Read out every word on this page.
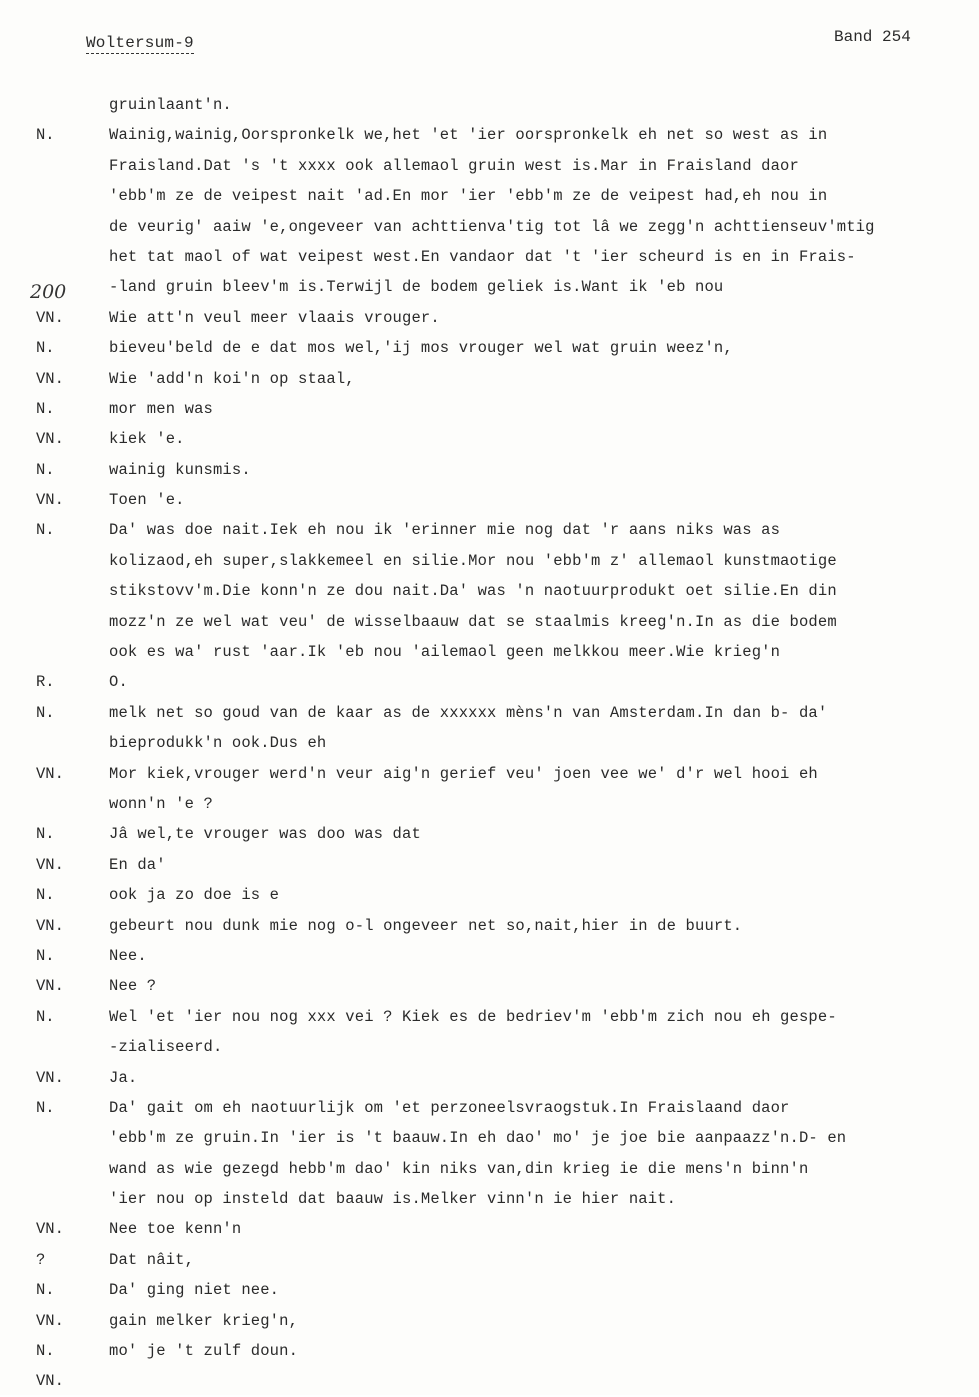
Woltersum-9	Band 254
200
gruinlaant'n.
N.	Wainig,wainig,Oorspronkelk we,het 'et 'ier oorspronkelk eh net so west as in
Fraisland.Dat 's 't xxxx ook allemaol gruin west is.Mar in Fraisland daor
'ebb'm ze de veipest nait 'ad.En mor 'ier 'ebb'm ze de veipest had,eh nou in
de veurig' aaiw 'e,ongeveer van achttienva'tig tot lâ we zegg'n achttienseuv'mtig
het tat maol of wat veipest west.En vandaor dat 't 'ier scheurd is en in Frais-
-land gruin bleev'm is.Terwijl de bodem geliek is.Want ik 'eb nou
VN.	Wie att'n veul meer vlaais vrouger.
N.	bieveu'beld de e dat mos wel,'ij mos vrouger wel wat gruin weez'n,
VN.	Wie 'add'n koi'n op staal,
N.	mor men was
VN.	kiek 'e.
N.	wainig kunsmis.
VN.	Toen 'e.
N.	Da' was doe nait.Iek eh nou ik 'erinner mie nog dat 'r aans niks was as
kolizaod,eh super,slakkemeel en silie.Mor nou 'ebb'm z' allemaol kunstmaotige
stikstovv'm.Die konn'n ze dou nait.Da' was 'n naotuurprodukt oet silie.En din
mozz'n ze wel wat veu' de wisselbaauw dat se staalmis kreeg'n.In as die bodem
ook es wa' rust 'aar.Ik 'eb nou 'ailemaol geen melkkou meer.Wie krieg'n
R.	O.
N.	melk net so goud van de kaar as de xxxxxx mèns'n van Amsterdam.In dan b- da'
bieprodukk'n ook.Dus eh
VN.	Mor kiek,vrouger werd'n veur aig'n gerief veu' joen vee we' d'r wel hooi eh
wonn'n 'e ?
N.	Jâ wel,te vrouger was doo was dat
VN.	En da'
N.	ook ja zo doe is e
VN.	gebeurt nou dunk mie nog o-l ongeveer net so,nait,hier in de buurt.
N.	Nee.
VN.	Nee ?
N.	Wel 'et 'ier nou nog xxx vei ? Kiek es de bedriev'm 'ebb'm zich nou eh gespe-
-zialiseerd.
VN.	Ja.
N.	Da' gait om eh naotuurlijk om 'et perzoneelsvraogstuk.In Fraislaand daor
'ebb'm ze gruin.In 'ier is 't baauw.In eh dao' mo' je joe bie aanpaazz'n.D- en
wand as wie gezegd hebb'm dao' kin niks van,din krieg ie die mens'n binn'n
'ier nou op insteld dat baauw is.Melker vinn'n ie hier nait.
VN.	Nee toe kenn'n
?	Dat nâit,
N.	Da' ging niet nee.
VN.	gain melker krieg'n,
N.	mo' je 't zulf doun.
VN.
